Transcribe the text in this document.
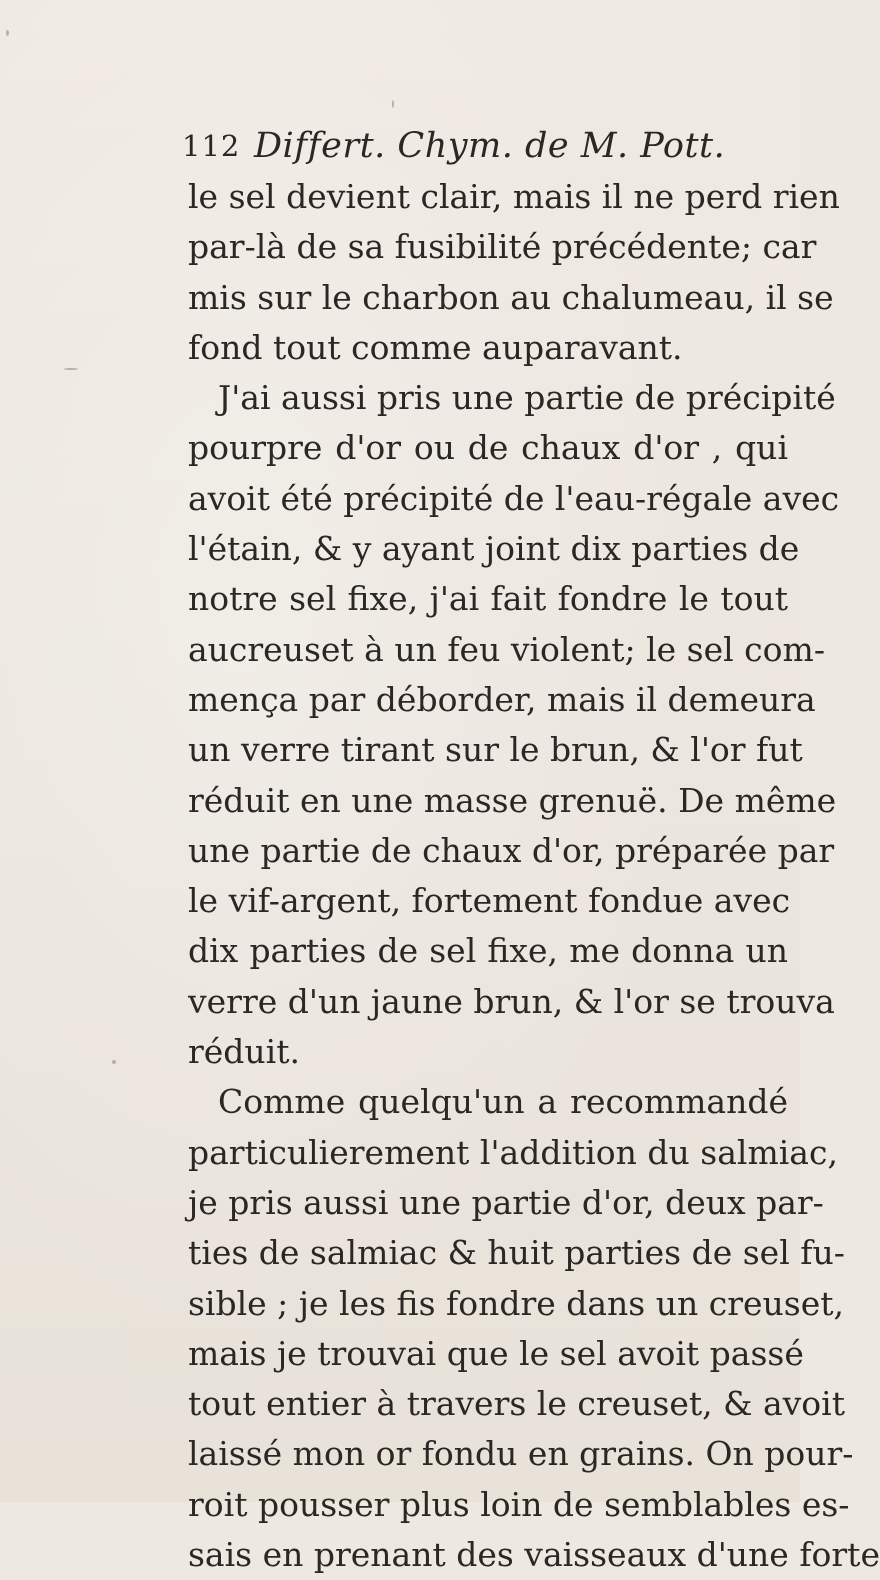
112 Differt. Chym. de M. Pott.
le sel devient clair, mais il ne perd rien
par-là de sa fusibilité précédente; car
mis sur le charbon au chalumeau, il se
fond tout comme auparavant.
J'ai aussi pris une partie de précipité
pourpre d'or ou de chaux d'or , qui
avoit été précipité de l'eau-régale avec
l'étain, & y ayant joint dix parties de
notre sel fixe, j'ai fait fondre le tout
aucreuset à un feu violent; le sel com-
mença par déborder, mais il demeura
un verre tirant sur le brun, & l'or fut
réduit en une masse grenuë. De même
une partie de chaux d'or, préparée par
le vif-argent, fortement fondue avec
dix parties de sel fixe, me donna un
verre d'un jaune brun, & l'or se trouva
réduit.
Comme quelqu'un a recommandé
particulierement l'addition du salmiac,
je pris aussi une partie d'or, deux par-
ties de salmiac & huit parties de sel fu-
sible ; je les fis fondre dans un creuset,
mais je trouvai que le sel avoit passé
tout entier à travers le creuset, & avoit
laissé mon or fondu en grains. On pour-
roit pousser plus loin de semblables es-
sais en prenant des vaisseaux d'une forte
